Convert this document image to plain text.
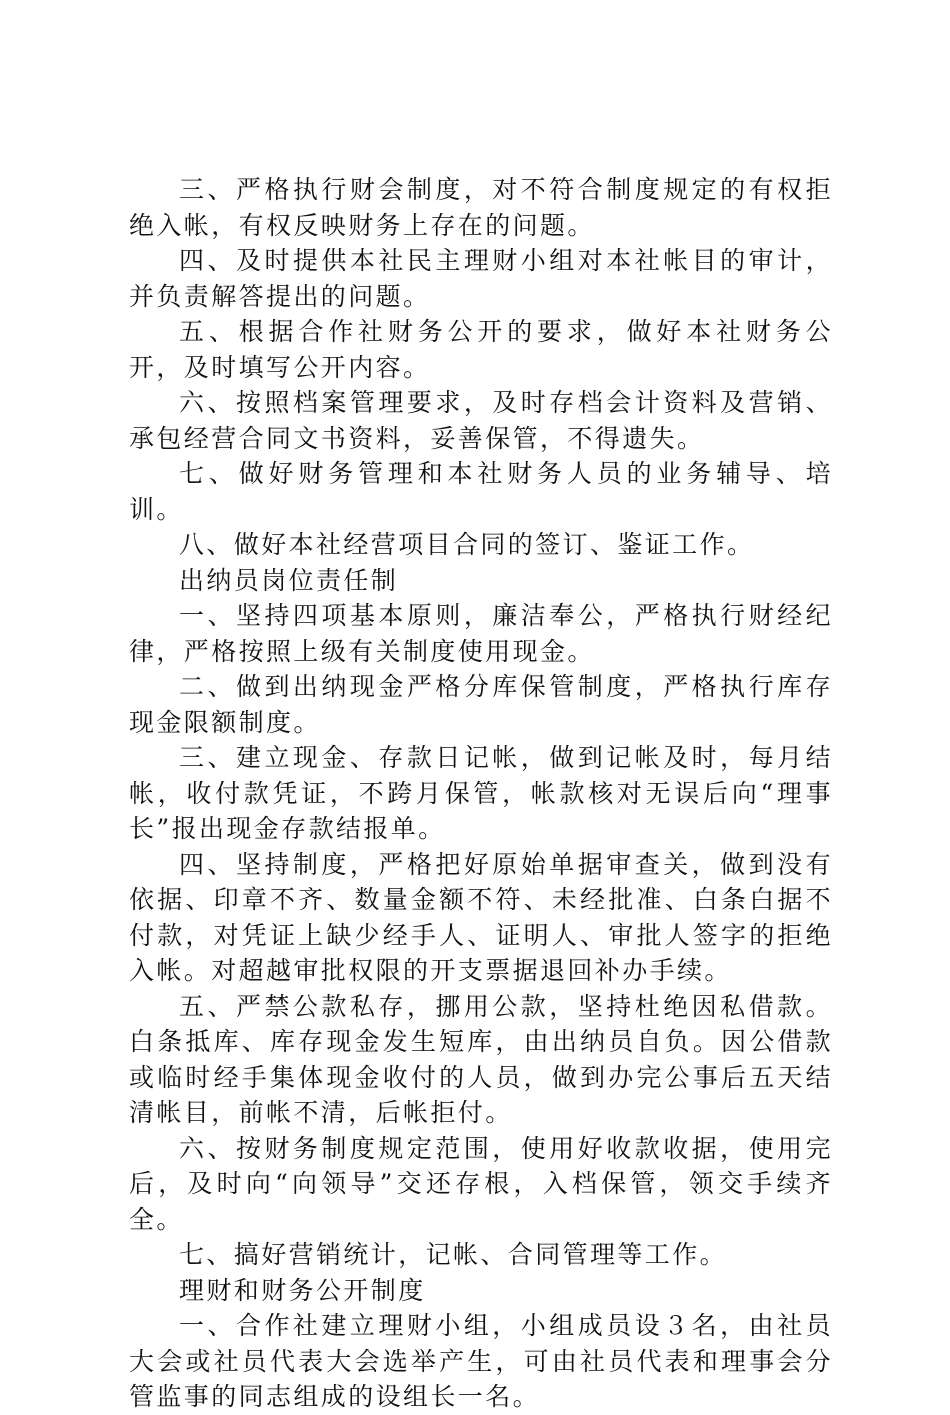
三、严格执行财会制度，对不符合制度规定的有权拒绝入帐，有权反映财务上存在的问题。

四、及时提供本社民主理财小组对本社帐目的审计，并负责解答提出的问题。

五、根据合作社财务公开的要求，做好本社财务公开，及时填写公开内容。

六、按照档案管理要求，及时存档会计资料及营销、承包经营合同文书资料，妥善保管，不得遗失。

七、做好财务管理和本社财务人员的业务辅导、培训。

八、做好本社经营项目合同的签订、鉴证工作。

出纳员岗位责任制

一、坚持四项基本原则，廉洁奉公，严格执行财经纪律，严格按照上级有关制度使用现金。

二、做到出纳现金严格分库保管制度，严格执行库存现金限额制度。

三、建立现金、存款日记帐，做到记帐及时，每月结帐，收付款凭证，不跨月保管，帐款核对无误后向“理事长”报出现金存款结报单。

四、坚持制度，严格把好原始单据审查关，做到没有依据、印章不齐、数量金额不符、未经批准、白条白据不付款，对凭证上缺少经手人、证明人、审批人签字的拒绝入帐。对超越审批权限的开支票据退回补办手续。

五、严禁公款私存，挪用公款，坚持杜绝因私借款。白条抵库、库存现金发生短库，由出纳员自负。因公借款或临时经手集体现金收付的人员，做到办完公事后五天结清帐目，前帐不清，后帐拒付。

六、按财务制度规定范围，使用好收款收据，使用完后，及时向“向领导”交还存根，入档保管，领交手续齐全。

七、搞好营销统计，记帐、合同管理等工作。

理财和财务公开制度

一、合作社建立理财小组，小组成员设３名，由社员大会或社员代表大会选举产生，可由社员代表和理事会分管监事的同志组成的设组长一名。
